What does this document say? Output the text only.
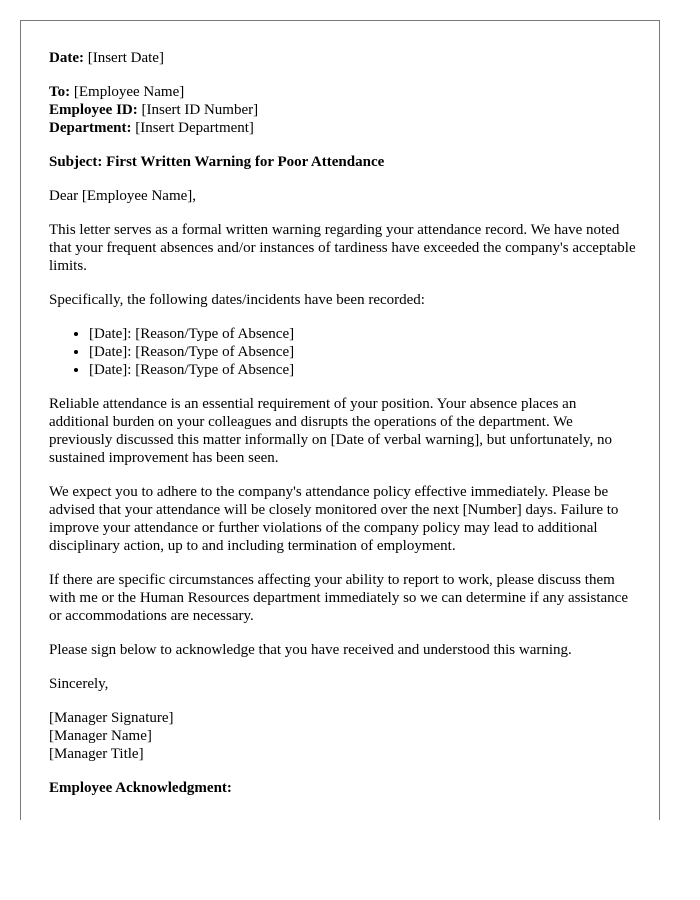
Date: [Insert Date]

To: [Employee Name]
Employee ID: [Insert ID Number]
Department: [Insert Department]

Subject: First Written Warning for Poor Attendance

Dear [Employee Name],

This letter serves as a formal written warning regarding your attendance record. We have noted that your frequent absences and/or instances of tardiness have exceeded the company's acceptable limits.

Specifically, the following dates/incidents have been recorded:

• [Date]: [Reason/Type of Absence]
• [Date]: [Reason/Type of Absence]
• [Date]: [Reason/Type of Absence]

Reliable attendance is an essential requirement of your position. Your absence places an additional burden on your colleagues and disrupts the operations of the department. We previously discussed this matter informally on [Date of verbal warning], but unfortunately, no sustained improvement has been seen.

We expect you to adhere to the company's attendance policy effective immediately. Please be advised that your attendance will be closely monitored over the next [Number] days. Failure to improve your attendance or further violations of the company policy may lead to additional disciplinary action, up to and including termination of employment.

If there are specific circumstances affecting your ability to report to work, please discuss them with me or the Human Resources department immediately so we can determine if any assistance or accommodations are necessary.

Please sign below to acknowledge that you have received and understood this warning.

Sincerely,

[Manager Signature]
[Manager Name]
[Manager Title]

Employee Acknowledgment:
